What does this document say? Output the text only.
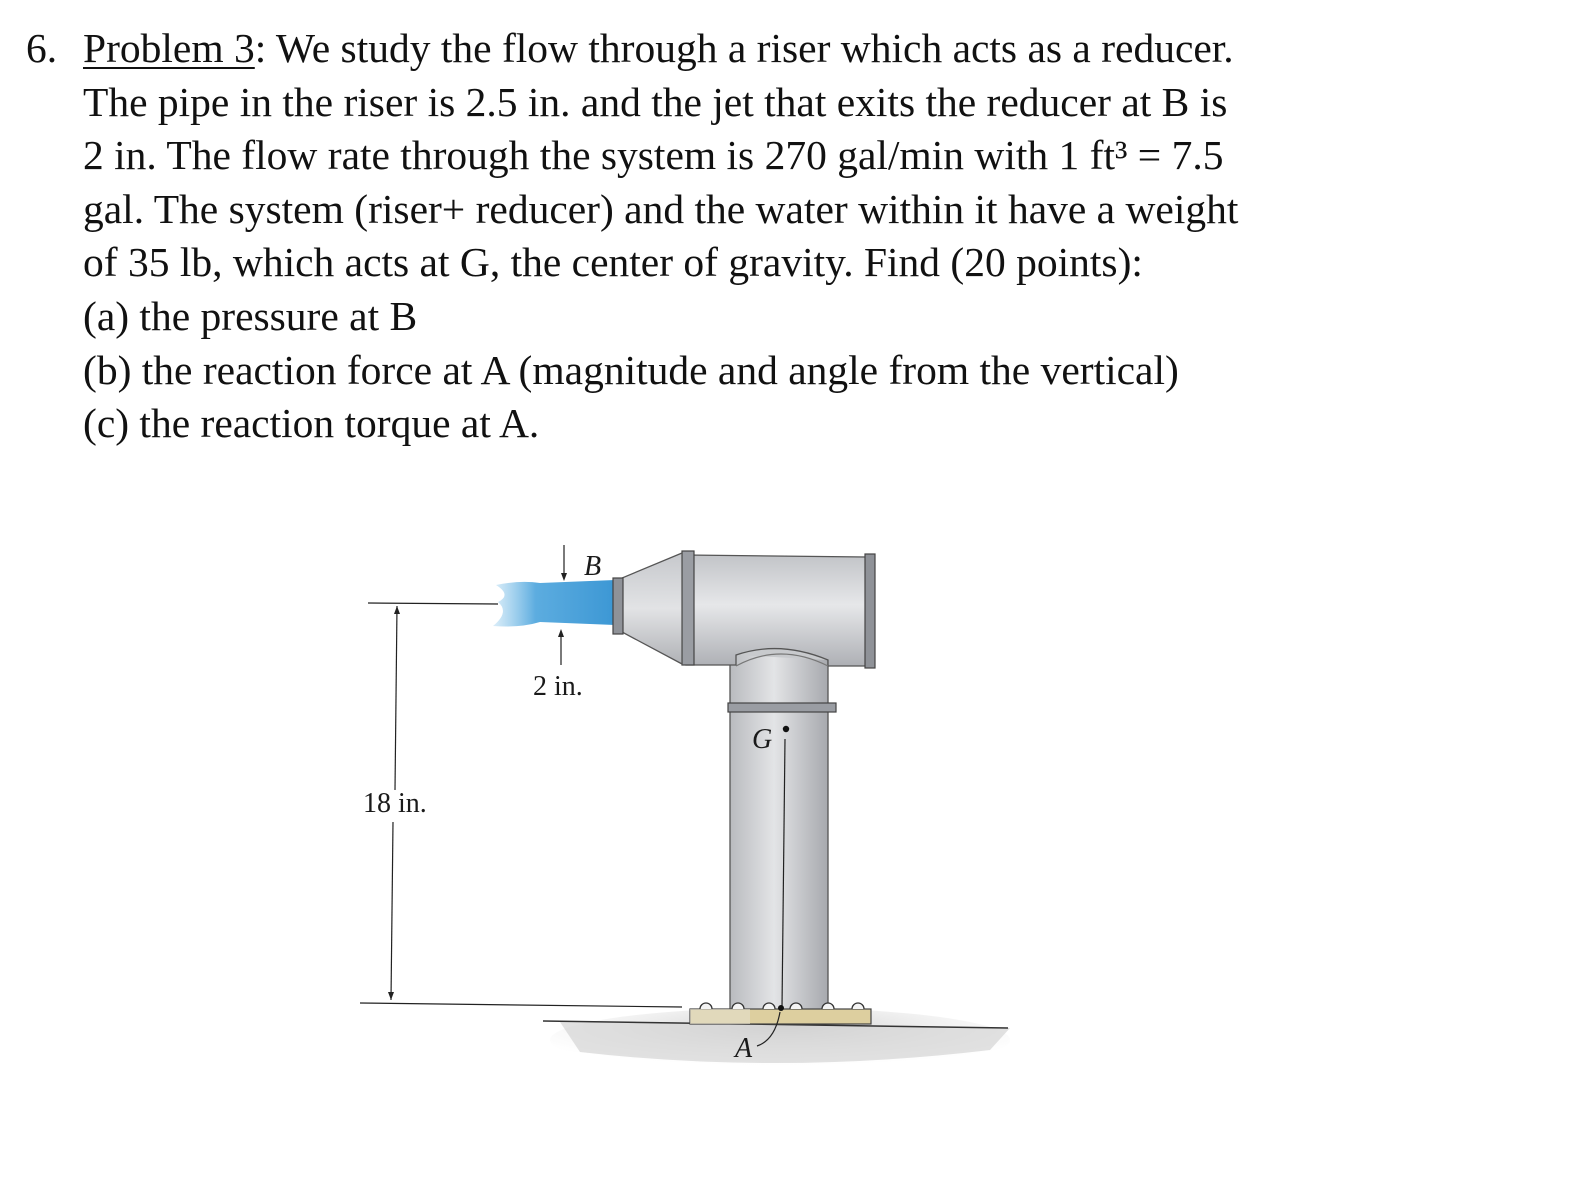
6. Problem 3: We study the flow through a riser which acts as a reducer.
The pipe in the riser is 2.5 in. and the jet that exits the reducer at B is
2 in. The flow rate through the system is 270 gal/min with 1 ft³ = 7.5
gal. The system (riser+ reducer) and the water within it have a weight
of 35 lb, which acts at G, the center of gravity. Find (20 points):
(a) the pressure at B
(b) the reaction force at A (magnitude and angle from the vertical)
(c) the reaction torque at A.
B
2 in.
G
18 in.
A
